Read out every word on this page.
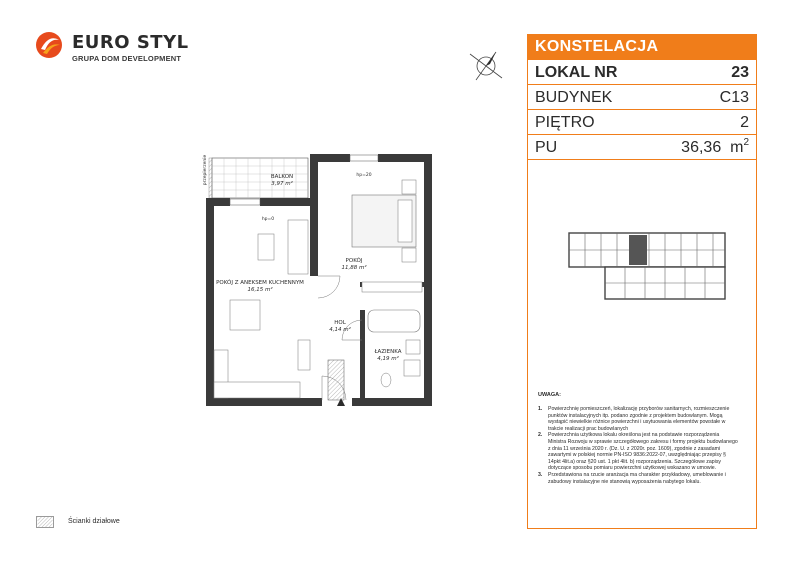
EURO STYL
GRUPA DOM DEVELOPMENT
KONSTELACJA
LOKAL NR	23
BUDYNEK	C13
PIĘTRO	2
PU	36,36 $m^2$
przepierzenie	BALKON
3,97 m²
hp=0
hp=20
POKÓJ
11,88 m²
POKÓJ Z ANEKSEM KUCHENNYM
16,15 m²
HOL
4,14 m²
ŁAZIENKA
4,19 m²
UWAGA:
1. Powierzchnię pomieszczeń, lokalizację przyborów sanitarnych, rozmieszczenie punktów instalacyjnych itp. podano zgodnie z projektem budowlanym. Mogą wystąpić niewielkie różnice powierzchni i usytuowania elementów powstałe w trakcie realizacji prac budowlanych
2. Powierzchnia użytkowa lokalu określona jest na podstawie rozporządzenia Ministra Rozwoju w sprawie szczegółowego zakresu i formy projektu budowlanego z dnia 11 września 2020 r. (Dz. U. z 2020r. poz. 1609), zgodnie z zasadami zawartymi w polskiej normie PN-ISO 9836:2022-07, uwzględniając przepisy § 14pkt 4lit.a) oraz §20 ust. 1 pkt 4lit. b) rozporządzenia. Szczegółowe zapisy dotyczące sposobu pomiaru powierzchni użytkowej wskazano w umowie.
3. Przedstawiona na rzucie aranżacja ma charakter przykładowy, umeblowanie i zabudowy instalacyjne nie stanowią wyposażenia nabytego lokalu.
Ścianki działowe
